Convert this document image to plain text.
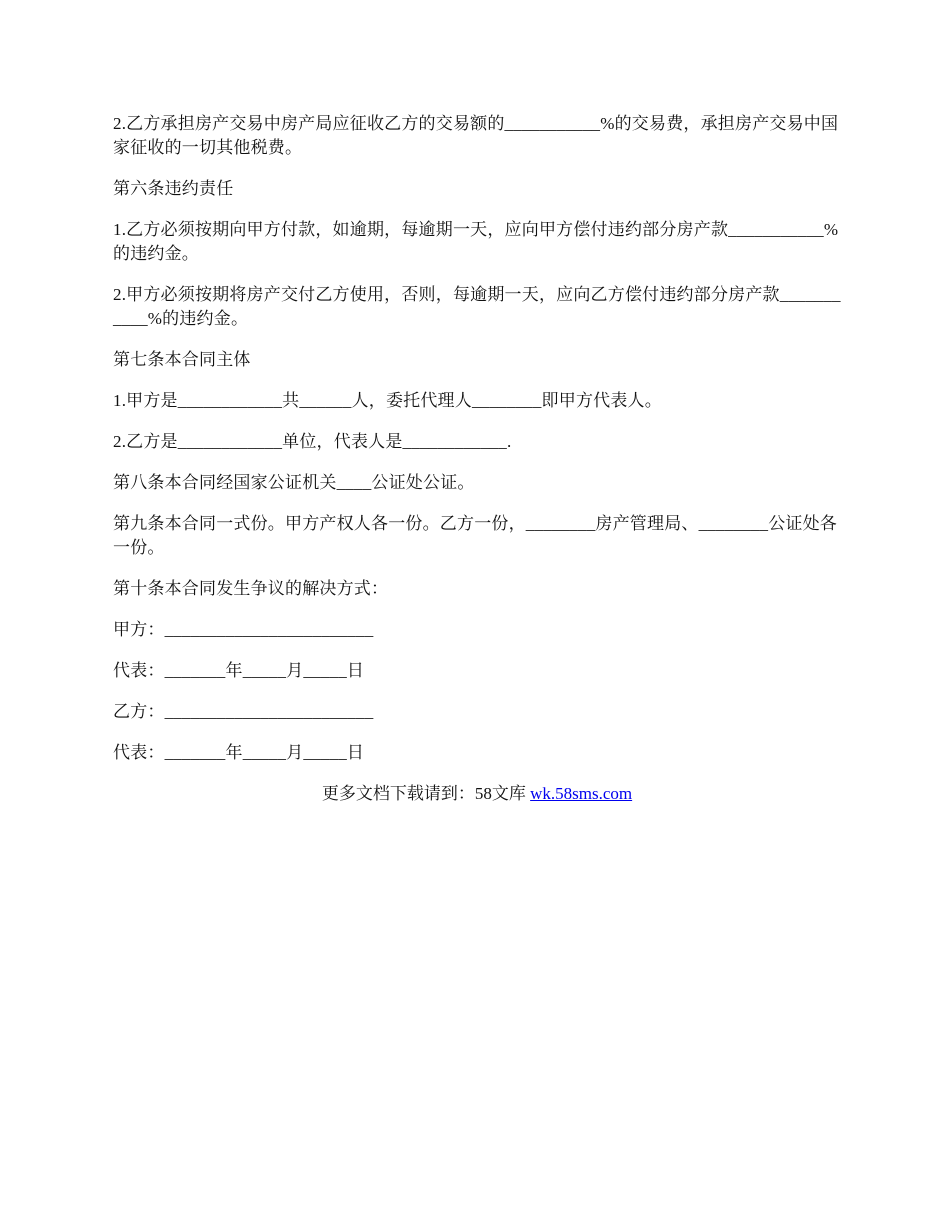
2.乙方承担房产交易中房产局应征收乙方的交易额的___________%的交易费，承担房产交易中国家征收的一切其他税费。

第六条违约责任

1.乙方必须按期向甲方付款，如逾期，每逾期一天，应向甲方偿付违约部分房产款___________%的违约金。

2.甲方必须按期将房产交付乙方使用，否则，每逾期一天，应向乙方偿付违约部分房产款___________%的违约金。

第七条本合同主体

1.甲方是____________共______人，委托代理人________即甲方代表人。

2.乙方是____________单位，代表人是____________.

第八条本合同经国家公证机关____公证处公证。

第九条本合同一式份。甲方产权人各一份。乙方一份，________房产管理局、________公证处各一份。

第十条本合同发生争议的解决方式：

甲方：________________________

代表：_______年_____月_____日

乙方：________________________

代表：_______年_____月_____日

更多文档下载请到：58文库 wk.58sms.com
